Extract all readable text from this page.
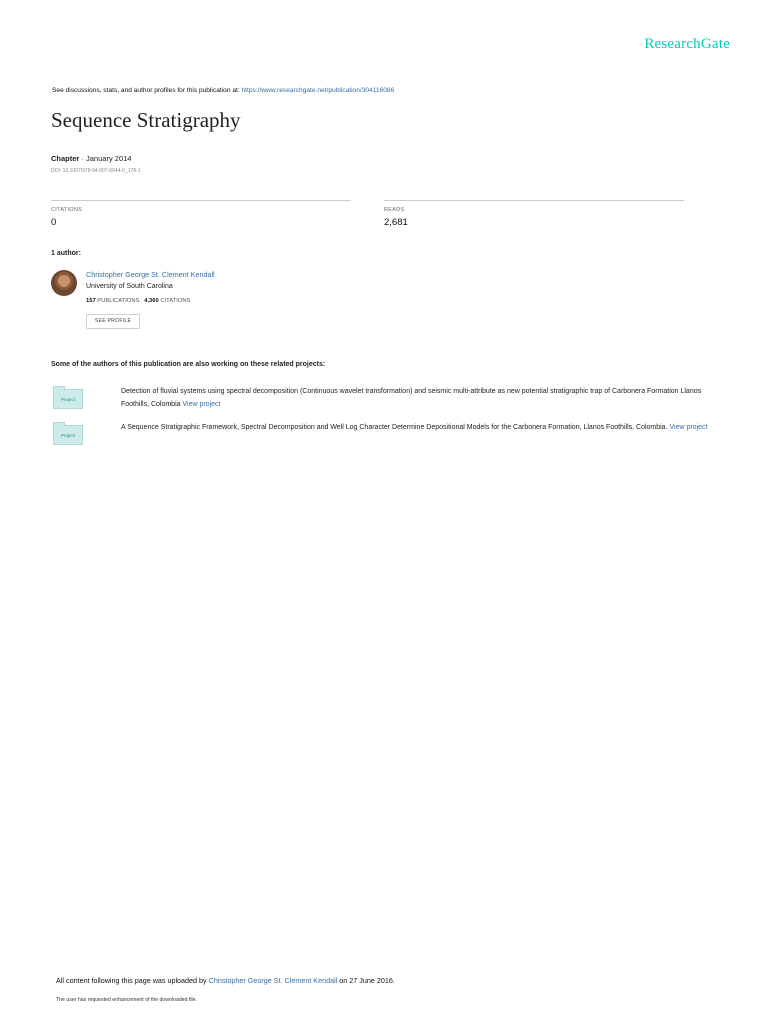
ResearchGate
See discussions, stats, and author profiles for this publication at: https://www.researchgate.net/publication/304116086
Sequence Stratigraphy
Chapter · January 2014
DOI: 10.1007/978-94-007-6644-0_178-1
CITATIONS
0
READS
2,681
1 author:
Christopher George St. Clement Kendall
University of South Carolina
157 PUBLICATIONS 4,360 CITATIONS
SEE PROFILE
Some of the authors of this publication are also working on these related projects:
Project
Detection of fluvial systems using spectral decomposition (Continuous wavelet transformation) and seismic multi-attribute as new potential stratigraphic trap of Carbonera Formation Llanos Foothills, Colombia View project
Project
A Sequence Stratigraphic Framework, Spectral Decomposition and Well Log Character Determine Depositional Models for the Carbonera Formation, Llanos Foothills, Colombia. View project
All content following this page was uploaded by Christopher George St. Clement Kendall on 27 June 2016.
The user has requested enhancement of the downloaded file.
